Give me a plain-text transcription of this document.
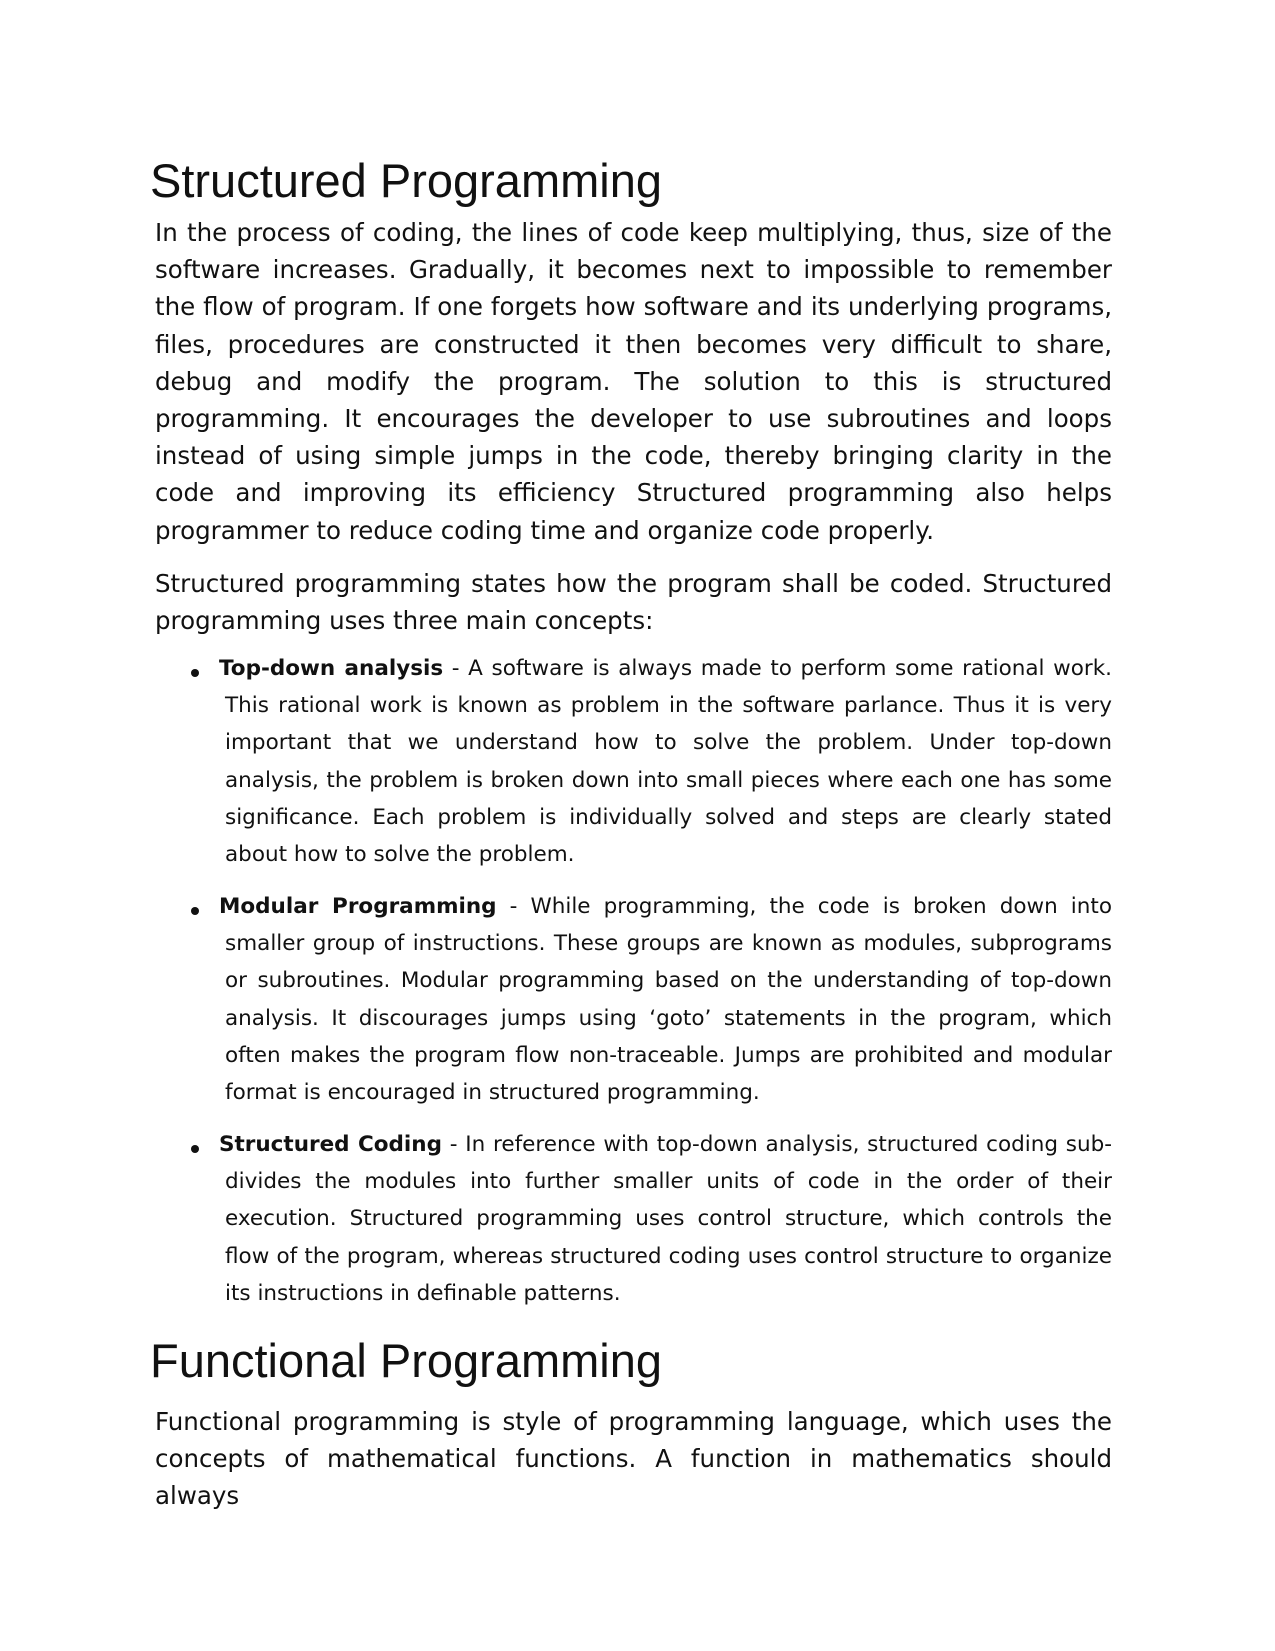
Structured Programming

In the process of coding, the lines of code keep multiplying, thus, size of the software increases. Gradually, it becomes next to impossible to remember the flow of program. If one forgets how software and its underlying programs, files, procedures are constructed it then becomes very difficult to share, debug and modify the program. The solution to this is structured programming. It encourages the developer to use subroutines and loops instead of using simple jumps in the code, thereby bringing clarity in the code and improving its efficiency Structured programming also helps programmer to reduce coding time and organize code properly.

Structured programming states how the program shall be coded. Structured programming uses three main concepts:

Top-down analysis - A software is always made to perform some rational work. This rational work is known as problem in the software parlance. Thus it is very important that we understand how to solve the problem. Under top-down analysis, the problem is broken down into small pieces where each one has some significance. Each problem is individually solved and steps are clearly stated about how to solve the problem.

Modular Programming - While programming, the code is broken down into smaller group of instructions. These groups are known as modules, subprograms or subroutines. Modular programming based on the understanding of top-down analysis. It discourages jumps using ‘goto’ statements in the program, which often makes the program flow non-traceable. Jumps are prohibited and modular format is encouraged in structured programming.

Structured Coding - In reference with top-down analysis, structured coding sub-divides the modules into further smaller units of code in the order of their execution. Structured programming uses control structure, which controls the flow of the program, whereas structured coding uses control structure to organize its instructions in definable patterns.

Functional Programming

Functional programming is style of programming language, which uses the concepts of mathematical functions. A function in mathematics should always
